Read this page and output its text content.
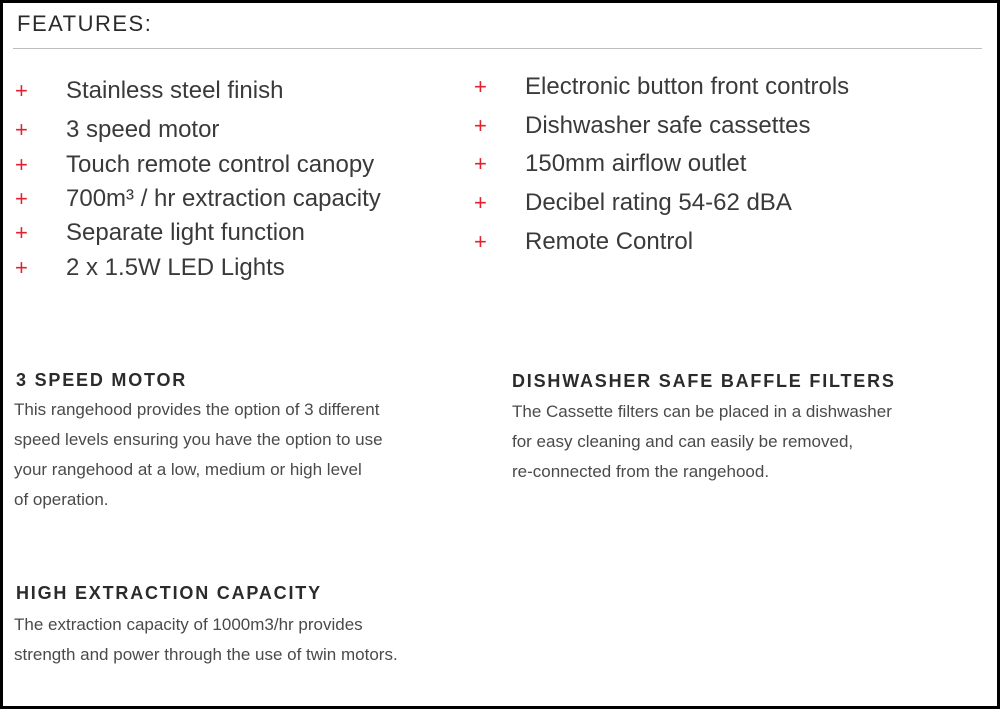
FEATURES:
+ Stainless steel finish
+ 3 speed motor
+ Touch remote control canopy
+ 700m³ / hr extraction capacity
+ Separate light function
+ 2 x 1.5W LED Lights
+ Electronic button front controls
+ Dishwasher safe cassettes
+ 150mm airflow outlet
+ Decibel rating 54-62 dBA
+ Remote Control
3 SPEED MOTOR
This rangehood provides the option of 3 different
speed levels ensuring you have the option to use
your rangehood at a low, medium or high level
of operation.
DISHWASHER SAFE BAFFLE FILTERS
The Cassette filters can be placed in a dishwasher
for easy cleaning and can easily be removed,
re-connected from the rangehood.
HIGH EXTRACTION CAPACITY
The extraction capacity of 1000m3/hr provides
strength and power through the use of twin motors.
